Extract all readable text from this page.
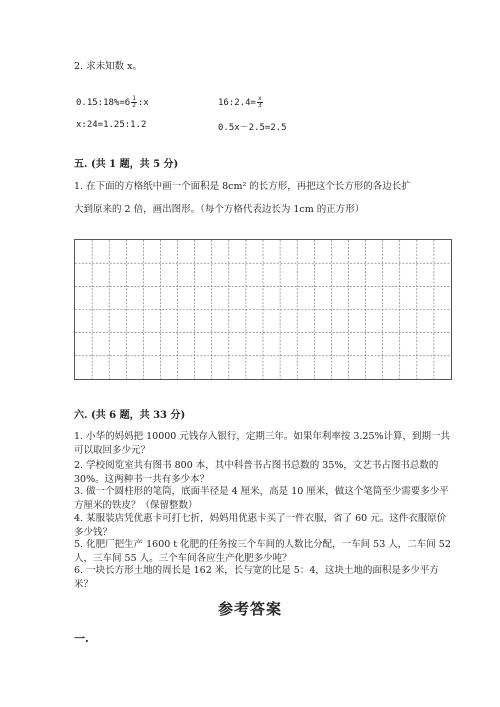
2. 求未知数 x。
0.15:18%=6 $\frac{1}{2}$ :x	16:2.4= $\frac{x}{3}$
x:24=1.25:1.2	0.5x－2.5=2.5
五. (共 1 题，共 5 分)
1. 在下面的方格纸中画一个面积是 8cm² 的长方形，再把这个长方形的各边长扩
大到原来的 2 倍，画出图形。（每个方格代表边长为 1cm 的正方形）
六. (共 6 题，共 33 分)
1. 小华的妈妈把 10000 元钱存入银行，定期三年。如果年利率按 3.25%计算，到期一共可以取回多少元？
2. 学校阅览室共有图书 800 本，其中科普书占图书总数的 35%，文艺书占图书总数的 30%。这两种书一共有多少本？
3. 做一个圆柱形的笔筒，底面半径是 4 厘米，高是 10 厘米，做这个笔筒至少需要多少平方厘米的铁皮？（保留整数）
4. 某服装店凭优惠卡可打七折，妈妈用优惠卡买了一件衣服，省了 60 元。这件衣服原价多少钱？
5. 化肥厂把生产 1600 t 化肥的任务按三个车间的人数比分配，一车间 53 人，二车间 52 人，三车间 55 人。三个车间各应生产化肥多少吨？
6. 一块长方形土地的周长是 162 米，长与宽的比是 5：4，这块土地的面积是多少平方米？
参考答案
一.
